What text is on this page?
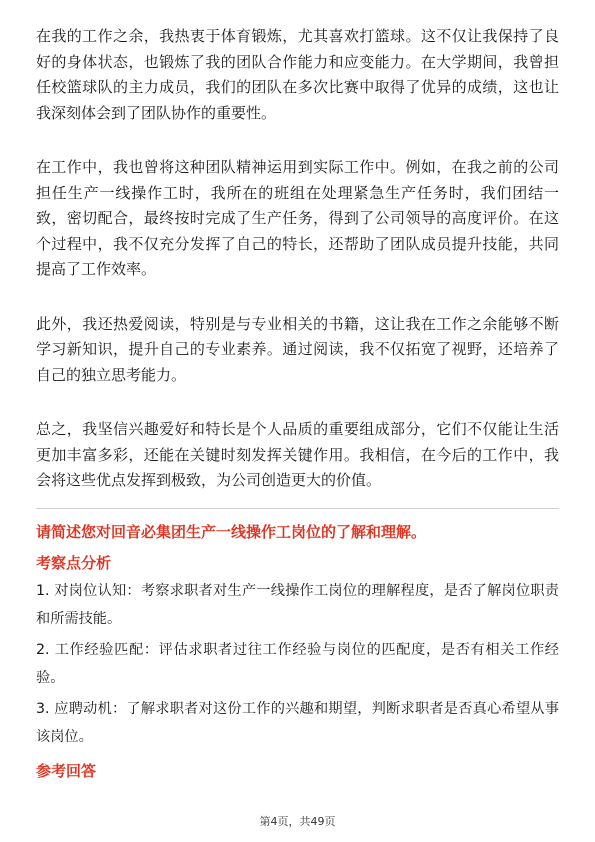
在我的工作之余，我热衷于体育锻炼，尤其喜欢打篮球。这不仅让我保持了良好的身体状态，也锻炼了我的团队合作能力和应变能力。在大学期间，我曾担任校篮球队的主力成员，我们的团队在多次比赛中取得了优异的成绩，这也让我深刻体会到了团队协作的重要性。

在工作中，我也曾将这种团队精神运用到实际工作中。例如，在我之前的公司担任生产一线操作工时，我所在的班组在处理紧急生产任务时，我们团结一致，密切配合，最终按时完成了生产任务，得到了公司领导的高度评价。在这个过程中，我不仅充分发挥了自己的特长，还帮助了团队成员提升技能，共同提高了工作效率。

此外，我还热爱阅读，特别是与专业相关的书籍，这让我在工作之余能够不断学习新知识，提升自己的专业素养。通过阅读，我不仅拓宽了视野，还培养了自己的独立思考能力。

总之，我坚信兴趣爱好和特长是个人品质的重要组成部分，它们不仅能让生活更加丰富多彩，还能在关键时刻发挥关键作用。我相信，在今后的工作中，我会将这些优点发挥到极致，为公司创造更大的价值。

请简述您对回音必集团生产一线操作工岗位的了解和理解。
考察点分析

1. 对岗位认知：考察求职者对生产一线操作工岗位的理解程度，是否了解岗位职责和所需技能。

2. 工作经验匹配：评估求职者过往工作经验与岗位的匹配度，是否有相关工作经验。

3. 应聘动机：了解求职者对这份工作的兴趣和期望，判断求职者是否真心希望从事该岗位。

参考回答
第4页，共49页
